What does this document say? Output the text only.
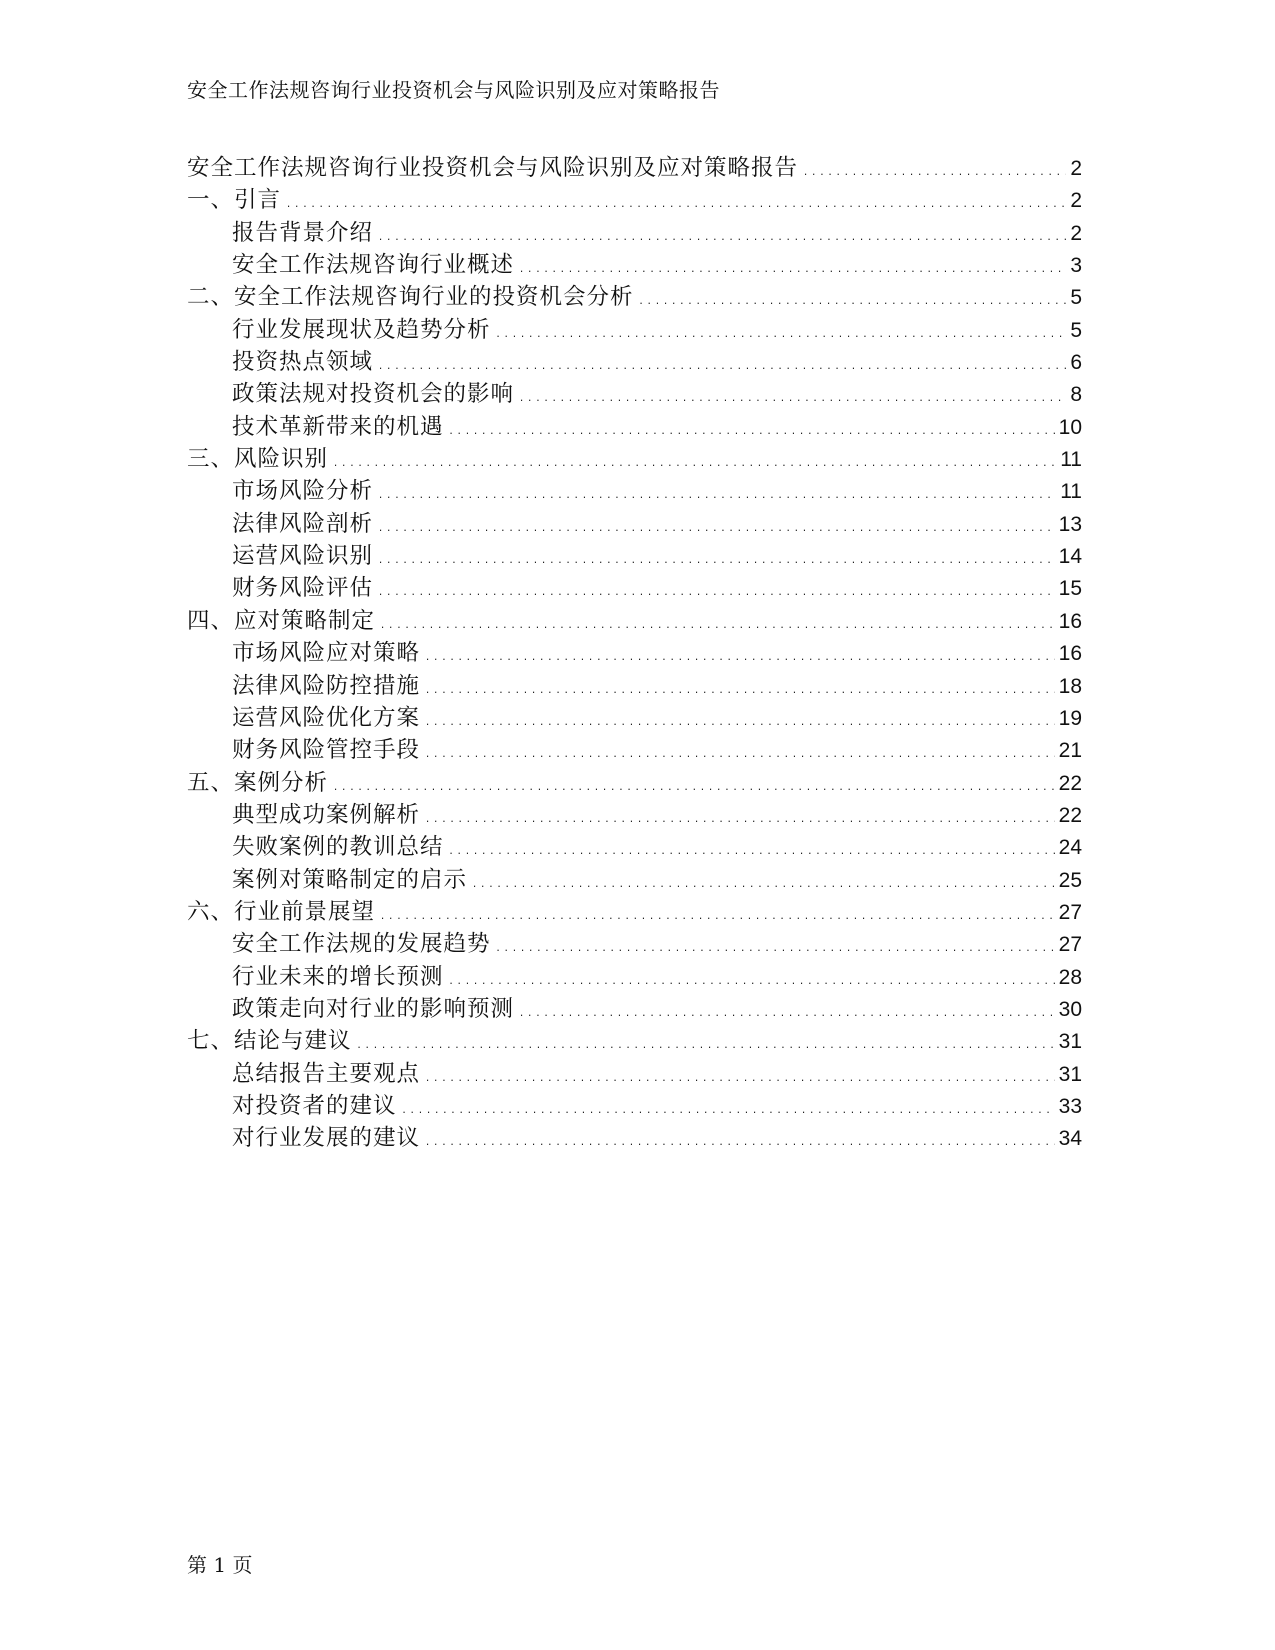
安全工作法规咨询行业投资机会与风险识别及应对策略报告
安全工作法规咨询行业投资机会与风险识别及应对策略报告 .....	2
一、引言 .....	2
报告背景介绍 .....	2
安全工作法规咨询行业概述 .....	3
二、安全工作法规咨询行业的投资机会分析 .....	5
行业发展现状及趋势分析 .....	5
投资热点领域 .....	6
政策法规对投资机会的影响 .....	8
技术革新带来的机遇 .....	10
三、风险识别 .....	11
市场风险分析 .....	11
法律风险剖析 .....	13
运营风险识别 .....	14
财务风险评估 .....	15
四、应对策略制定 .....	16
市场风险应对策略 .....	16
法律风险防控措施 .....	18
运营风险优化方案 .....	19
财务风险管控手段 .....	21
五、案例分析 .....	22
典型成功案例解析 .....	22
失败案例的教训总结 .....	24
案例对策略制定的启示 .....	25
六、行业前景展望 .....	27
安全工作法规的发展趋势 .....	27
行业未来的增长预测 .....	28
政策走向对行业的影响预测 .....	30
七、结论与建议 .....	31
总结报告主要观点 .....	31
对投资者的建议 .....	33
对行业发展的建议 .....	34
第 1 页
